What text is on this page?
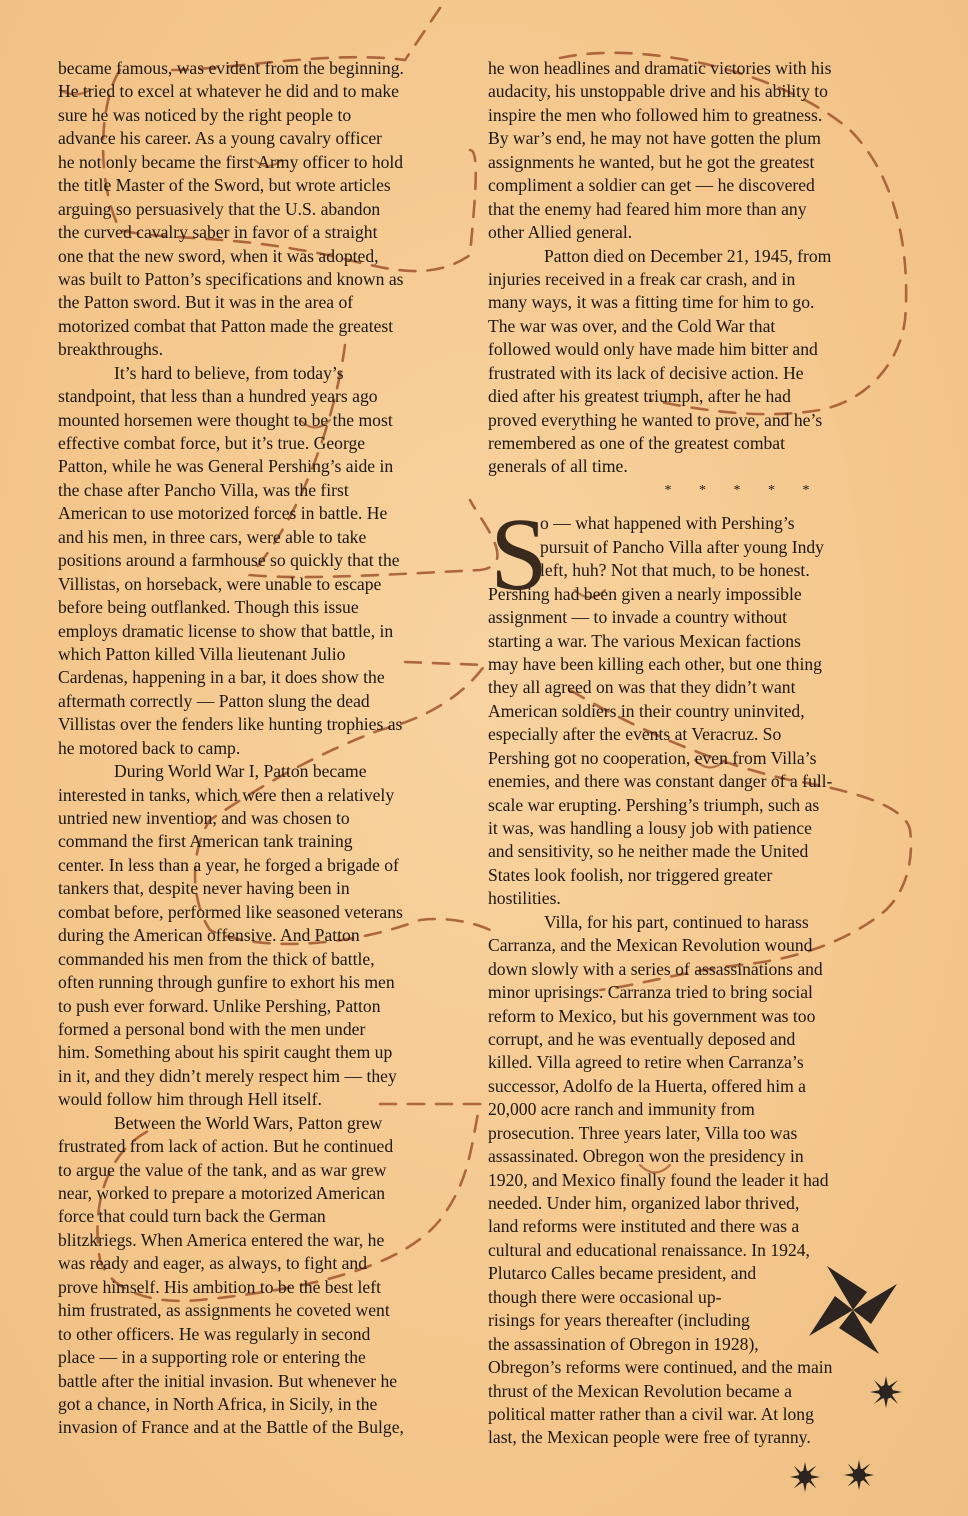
became famous, was evident from the beginning.
He tried to excel at whatever he did and to make
sure he was noticed by the right people to
advance his career. As a young cavalry officer
he not only became the first Army officer to hold
the title Master of the Sword, but wrote articles
arguing so persuasively that the U.S. abandon
the curved cavalry saber in favor of a straight
one that the new sword, when it was adopted,
was built to Patton’s specifications and known as
the Patton sword. But it was in the area of
motorized combat that Patton made the greatest
breakthroughs.
It’s hard to believe, from today’s
standpoint, that less than a hundred years ago
mounted horsemen were thought to be the most
effective combat force, but it’s true. George
Patton, while he was General Pershing’s aide in
the chase after Pancho Villa, was the first
American to use motorized forces in battle. He
and his men, in three cars, were able to take
positions around a farmhouse so quickly that the
Villistas, on horseback, were unable to escape
before being outflanked. Though this issue
employs dramatic license to show that battle, in
which Patton killed Villa lieutenant Julio
Cardenas, happening in a bar, it does show the
aftermath correctly — Patton slung the dead
Villistas over the fenders like hunting trophies as
he motored back to camp.
During World War I, Patton became
interested in tanks, which were then a relatively
untried new invention, and was chosen to
command the first American tank training
center. In less than a year, he forged a brigade of
tankers that, despite never having been in
combat before, performed like seasoned veterans
during the American offensive. And Patton
commanded his men from the thick of battle,
often running through gunfire to exhort his men
to push ever forward. Unlike Pershing, Patton
formed a personal bond with the men under
him. Something about his spirit caught them up
in it, and they didn’t merely respect him — they
would follow him through Hell itself.
Between the World Wars, Patton grew
frustrated from lack of action. But he continued
to argue the value of the tank, and as war grew
near, worked to prepare a motorized American
force that could turn back the German
blitzkriegs. When America entered the war, he
was ready and eager, as always, to fight and
prove himself. His ambition to be the best left
him frustrated, as assignments he coveted went
to other officers. He was regularly in second
place — in a supporting role or entering the
battle after the initial invasion. But whenever he
got a chance, in North Africa, in Sicily, in the
invasion of France and at the Battle of the Bulge,
he won headlines and dramatic victories with his
audacity, his unstoppable drive and his ability to
inspire the men who followed him to greatness.
By war’s end, he may not have gotten the plum
assignments he wanted, but he got the greatest
compliment a soldier can get — he discovered
that the enemy had feared him more than any
other Allied general.
Patton died on December 21, 1945, from
injuries received in a freak car crash, and in
many ways, it was a fitting time for him to go.
The war was over, and the Cold War that
followed would only have made him bitter and
frustrated with its lack of decisive action. He
died after his greatest triumph, after he had
proved everything he wanted to prove, and he’s
remembered as one of the greatest combat
generals of all time.
* * * * *
o — what happened with Pershing’s
pursuit of Pancho Villa after young Indy
left, huh? Not that much, to be honest.
Pershing had been given a nearly impossible
assignment — to invade a country without
starting a war. The various Mexican factions
may have been killing each other, but one thing
they all agreed on was that they didn’t want
American soldiers in their country uninvited,
especially after the events at Veracruz. So
Pershing got no cooperation, even from Villa’s
enemies, and there was constant danger of a full-
scale war erupting. Pershing’s triumph, such as
it was, was handling a lousy job with patience
and sensitivity, so he neither made the United
States look foolish, nor triggered greater
hostilities.
Villa, for his part, continued to harass
Carranza, and the Mexican Revolution wound
down slowly with a series of assassinations and
minor uprisings. Carranza tried to bring social
reform to Mexico, but his government was too
corrupt, and he was eventually deposed and
killed. Villa agreed to retire when Carranza’s
successor, Adolfo de la Huerta, offered him a
20,000 acre ranch and immunity from
prosecution. Three years later, Villa too was
assassinated. Obregon won the presidency in
1920, and Mexico finally found the leader it had
needed. Under him, organized labor thrived,
land reforms were instituted and there was a
cultural and educational renaissance. In 1924,
Plutarco Calles became president, and
though there were occasional up-
risings for years thereafter (including
the assassination of Obregon in 1928),
Obregon’s reforms were continued, and the main
thrust of the Mexican Revolution became a
political matter rather than a civil war. At long
last, the Mexican people were free of tyranny.
S
